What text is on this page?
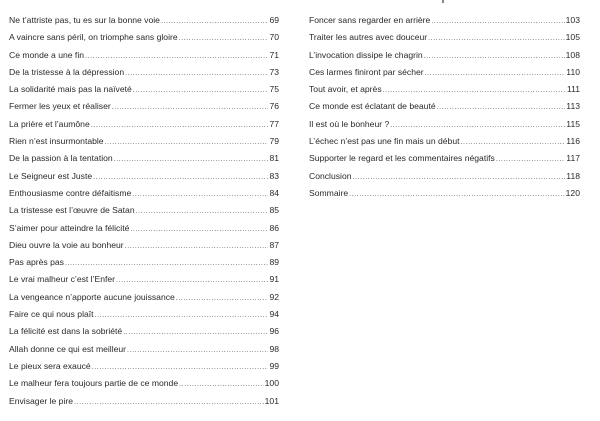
Ne t’attriste pas, tu es sur la bonne voie .....	69
A vaincre sans péril, on triomphe sans gloire .....	70
Ce monde a une fin .....	71
De la tristesse à la dépression .....	73
La solidarité mais pas la naïveté .....	75
Fermer les yeux et réaliser .....	76
La prière et l’aumône .....	77
Rien n’est insurmontable .....	79
De la passion à la tentation .....	81
Le Seigneur est Juste .....	83
Enthousiasme contre défaitisme .....	84
La tristesse est l’œuvre de Satan .....	85
S’aimer pour atteindre la félicité .....	86
Dieu ouvre la voie au bonheur .....	87
Pas après pas .....	89
Le vrai malheur c’est l’Enfer .....	91
La vengeance n’apporte aucune jouissance .....	92
Faire ce qui nous plaît .....	94
La félicité est dans la sobriété .....	96
Allah donne ce qui est meilleur .....	98
Le pieux sera exaucé .....	99
Le malheur fera toujours partie de ce monde .....	100
Envisager le pire .....	101
Foncer sans regarder en arrière .....	103
Traiter les autres avec douceur .....	105
L’invocation dissipe le chagrin .....	108
Ces larmes finiront par sécher .....	110
Tout avoir, et après .....	111
Ce monde est éclatant de beauté .....	113
Il est où le bonheur ? .....	115
L’échec n’est pas une fin mais un début .....	116
Supporter le regard et les commentaires négatifs .....	117
Conclusion .....	118
Sommaire .....	120
